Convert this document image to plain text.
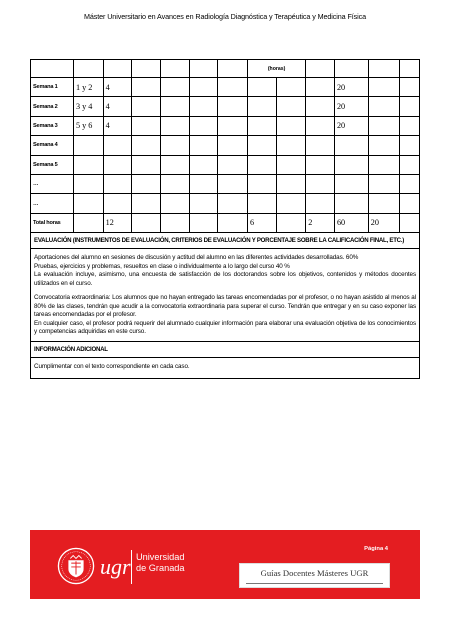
Máster Universitario en Avances en Radiología Diagnóstica y Terapéutica y Medicina Física
							(horas)					
Semana 1	1 y 2	4								20		
Semana 2	3 y 4	4								20		
Semana 3	5 y 6	4								20		
Semana 4												
Semana 5												
…												
…												
Total horas		12					6		2	60	20	
EVALUACIÓN (INSTRUMENTOS DE EVALUACIÓN, CRITERIOS DE EVALUACIÓN Y PORCENTAJE SOBRE LA CALIFICACIÓN FINAL, ETC.)

Aportaciones del alumno en sesiones de discusión y actitud del alumno en las diferentes actividades desarrolladas. 60%

Pruebas, ejercicios y problemas, resueltos en clase o individualmente a lo largo del curso 40 %

La evaluación incluye, asimismo, una encuesta de satisfacción de los doctorandos sobre los objetivos, contenidos y métodos docentes utilizados en el curso.

Convocatoria extraordinaria: Los alumnos que no hayan entregado las tareas encomendadas por el profesor, o no hayan asistido al menos al 80% de las clases, tendrán que acudir a la convocatoria extraordinaria para superar el curso. Tendrán que entregar y en su caso exponer las tareas encomendadas por el profesor.

En cualquier caso, el profesor podrá requerir del alumnado cualquier información para elaborar una evaluación objetiva de los conocimientos y competencias adquiridas en este curso.

INFORMACIÓN ADICIONAL
Cumplimentar con el texto correspondiente en cada caso.
Página 4
ugr Universidad
de Granada	Guías Docentes Másteres UGR
